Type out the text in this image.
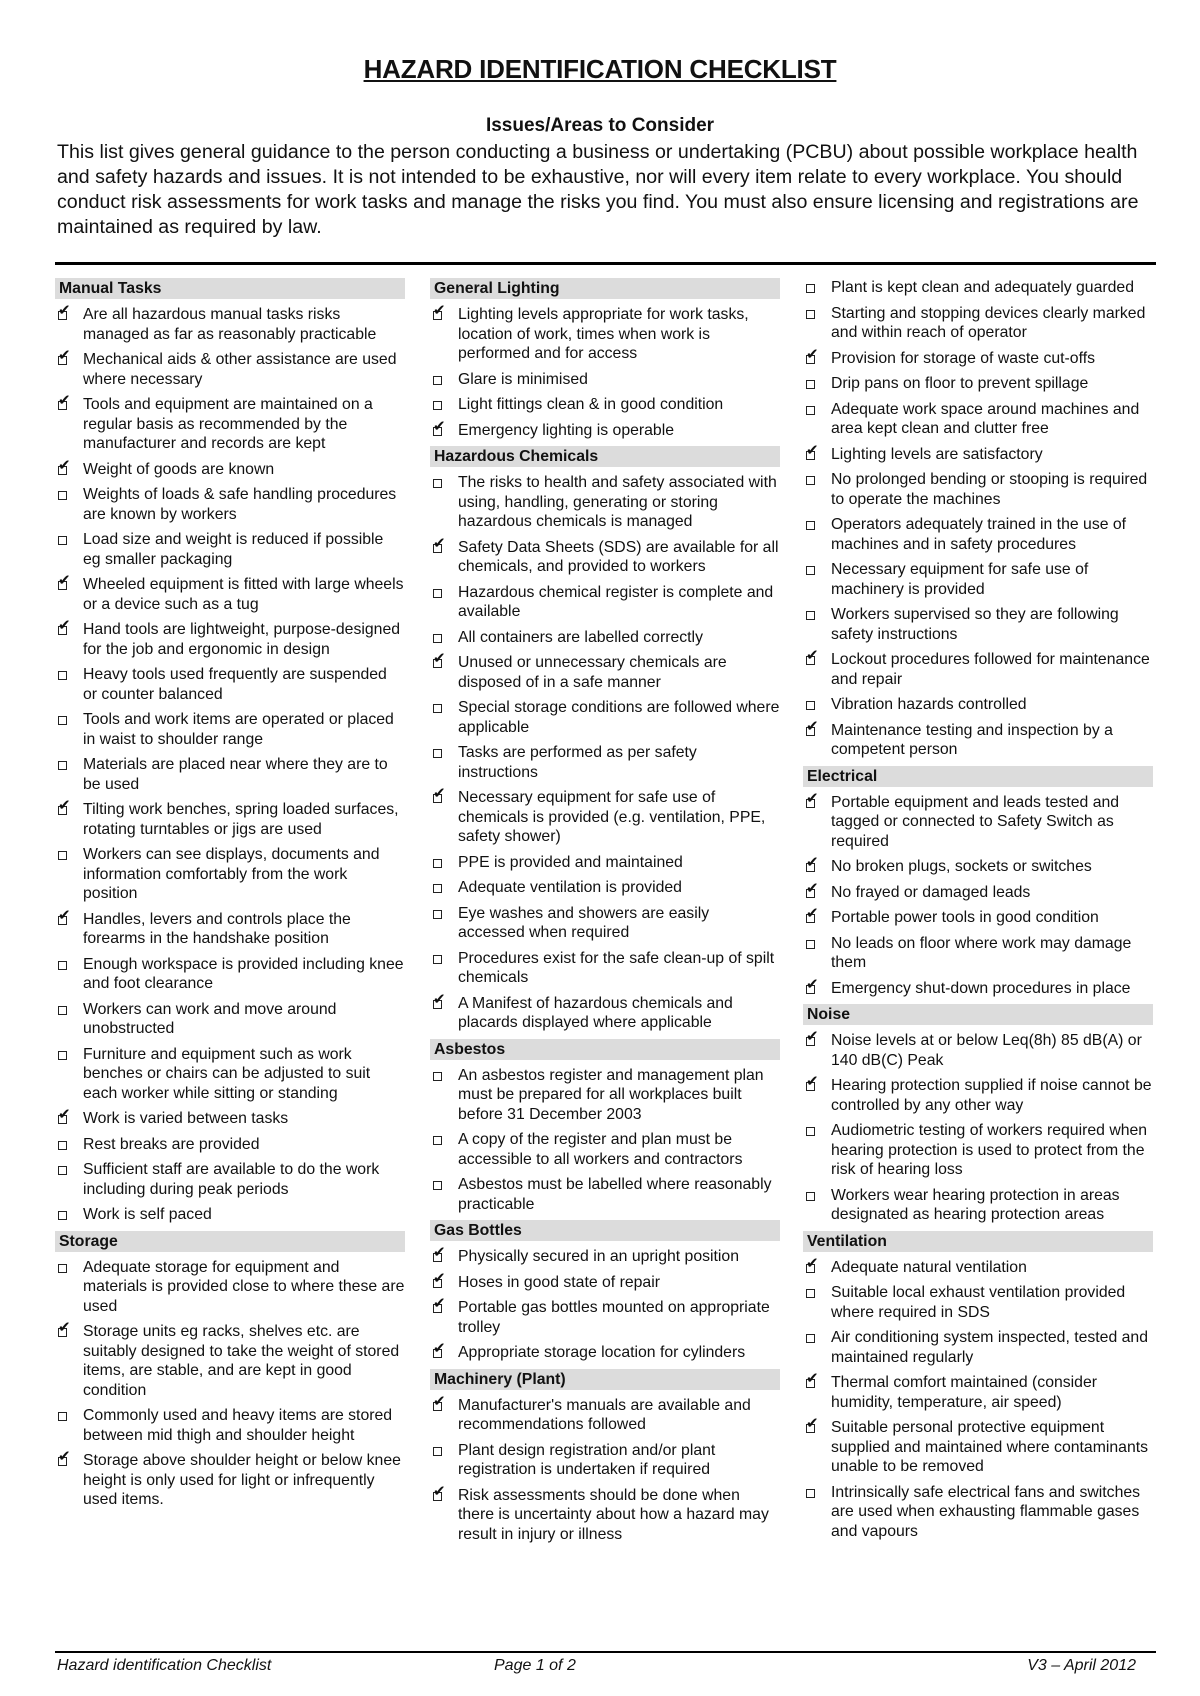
HAZARD IDENTIFICATION CHECKLIST
Issues/Areas to Consider
This list gives general guidance to the person conducting a business or undertaking (PCBU) about possible workplace health and safety hazards and issues. It is not intended to be exhaustive, nor will every item relate to every workplace. You should conduct risk assessments for work tasks and manage the risks you find. You must also ensure licensing and registrations are maintained as required by law.
Manual Tasks
✔
Are all hazardous manual tasks risks managed as far as reasonably practicable
✔
Mechanical aids & other assistance are used where necessary
✔
Tools and equipment are maintained on a regular basis as recommended by the manufacturer and records are kept
✔
Weight of goods are known
Weights of loads & safe handling procedures are known by workers
Load size and weight is reduced if possible eg smaller packaging
✔
Wheeled equipment is fitted with large wheels or a device such as a tug
✔
Hand tools are lightweight, purpose-designed for the job and ergonomic in design
Heavy tools used frequently are suspended or counter balanced
Tools and work items are operated or placed in waist to shoulder range
Materials are placed near where they are to be used
✔
Tilting work benches, spring loaded surfaces, rotating turntables or jigs are used
Workers can see displays, documents and information comfortably from the work position
✔
Handles, levers and controls place the forearms in the handshake position
Enough workspace is provided including knee and foot clearance
Workers can work and move around unobstructed
Furniture and equipment such as work benches or chairs can be adjusted to suit each worker while sitting or standing
✔
Work is varied between tasks
Rest breaks are provided
Sufficient staff are available to do the work including during peak periods
Work is self paced
Storage
Adequate storage for equipment and materials is provided close to where these are used
✔
Storage units eg racks, shelves etc. are suitably designed to take the weight of stored items, are stable, and are kept in good condition
Commonly used and heavy items are stored between mid thigh and shoulder height
✔
Storage above shoulder height or below knee height is only used for light or infrequently used items.
General Lighting
✔
Lighting levels appropriate for work tasks, location of work, times when work is performed and for access
Glare is minimised
Light fittings clean & in good condition
✔
Emergency lighting is operable
Hazardous Chemicals
The risks to health and safety associated with using, handling, generating or storing hazardous chemicals is managed
✔
Safety Data Sheets (SDS) are available for all chemicals, and provided to workers
Hazardous chemical register is complete and available
All containers are labelled correctly
✔
Unused or unnecessary chemicals are disposed of in a safe manner
Special storage conditions are followed where applicable
Tasks are performed as per safety instructions
✔
Necessary equipment for safe use of chemicals is provided (e.g. ventilation, PPE, safety shower)
PPE is provided and maintained
Adequate ventilation is provided
Eye washes and showers are easily accessed when required
Procedures exist for the safe clean-up of spilt chemicals
✔
A Manifest of hazardous chemicals and placards displayed where applicable
Asbestos
An asbestos register and management plan must be prepared for all workplaces built before 31 December 2003
A copy of the register and plan must be accessible to all workers and contractors
Asbestos must be labelled where reasonably practicable
Gas Bottles
✔
Physically secured in an upright position
✔
Hoses in good state of repair
✔
Portable gas bottles mounted on appropriate trolley
✔
Appropriate storage location for cylinders
Machinery (Plant)
✔
Manufacturer's manuals are available and recommendations followed
Plant design registration and/or plant registration is undertaken if required
✔
Risk assessments should be done when there is uncertainty about how a hazard may result in injury or illness
Plant is kept clean and adequately guarded
Starting and stopping devices clearly marked and within reach of operator
✔
Provision for storage of waste cut-offs
Drip pans on floor to prevent spillage
Adequate work space around machines and area kept clean and clutter free
✔
Lighting levels are satisfactory
No prolonged bending or stooping is required to operate the machines
Operators adequately trained in the use of machines and in safety procedures
Necessary equipment for safe use of machinery is provided
Workers supervised so they are following safety instructions
✔
Lockout procedures followed for maintenance and repair
Vibration hazards controlled
✔
Maintenance testing and inspection by a competent person
Electrical
✔
Portable equipment and leads tested and tagged or connected to Safety Switch as required
✔
No broken plugs, sockets or switches
✔
No frayed or damaged leads
✔
Portable power tools in good condition
No leads on floor where work may damage them
✔
Emergency shut-down procedures in place
Noise
✔
Noise levels at or below Leq(8h) 85 dB(A) or 140 dB(C) Peak
✔
Hearing protection supplied if noise cannot be controlled by any other way
Audiometric testing of workers required when hearing protection is used to protect from the risk of hearing loss
Workers wear hearing protection in areas designated as hearing protection areas
Ventilation
✔
Adequate natural ventilation
Suitable local exhaust ventilation provided where required in SDS
Air conditioning system inspected, tested and maintained regularly
✔
Thermal comfort maintained (consider humidity, temperature, air speed)
✔
Suitable personal protective equipment supplied and maintained where contaminants unable to be removed
Intrinsically safe electrical fans and switches are used when exhausting flammable gases and vapours
Hazard identification Checklist	Page 1 of 2	V3 – April 2012
